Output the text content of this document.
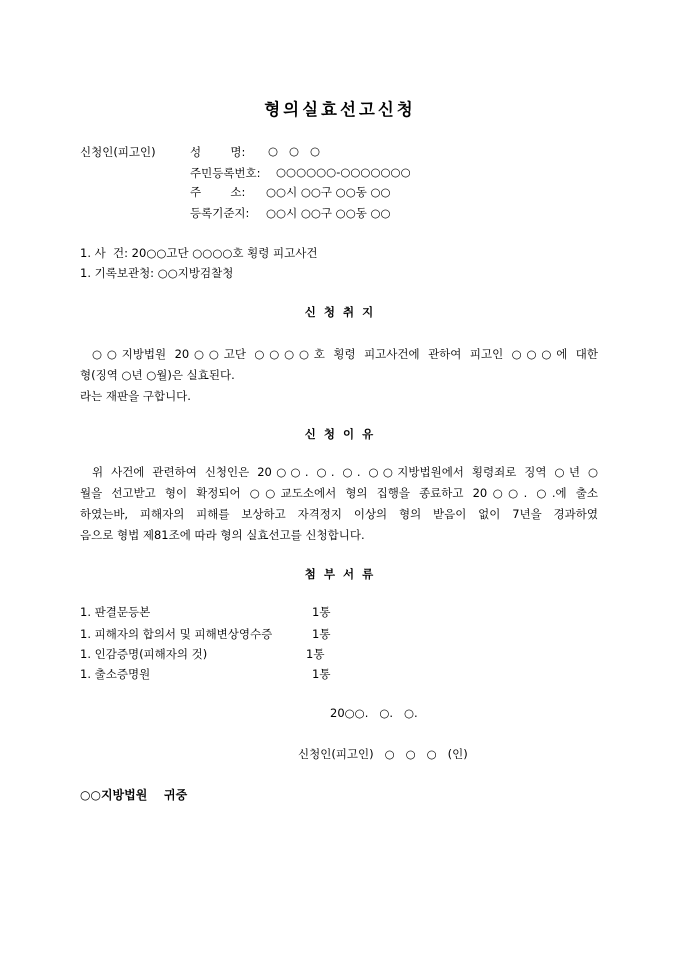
형의실효선고신청
신청인(피고인)	성        명: ○   ○   ○
주민등록번호: ○○○○○○-○○○○○○○
주        소: ○○시 ○○구 ○○동 ○○
등록기준지: ○○시 ○○구 ○○동 ○○
1. 사  건: 20○○고단 ○○○○호 횡령 피고사건
1. 기록보관청: ○○지방검찰청
신 청 취 지
○○지방법원 20○○고단 ○○○○호 횡령 피고사건에 관하여 피고인 ○○○에 대한
형(징역 ○년 ○월)은 실효된다.
라는 재판을 구합니다.
신 청 이 유
위 사건에 관련하여 신청인은 20○○. ○. ○. ○○지방법원에서 횡령죄로 징역 ○년 ○
월을 선고받고 형이 확정되어 ○○교도소에서 형의 집행을 종료하고 20○○. ○.에 출소
하였는바, 피해자의 피해를 보상하고 자격정지 이상의 형의 받음이 없이 7년을 경과하였
음으로 형법 제81조에 따라 형의 실효선고를 신청합니다.
첨 부 서 류
1. 판결문등본	1통
1. 피해자의 합의서 및 피해변상영수증	1통
1. 인감증명(피해자의 것)	1통
1. 출소증명원	1통
20○○.   ○.   ○.
신청인(피고인)   ○   ○   ○   (인)
○○지방법원    귀중
